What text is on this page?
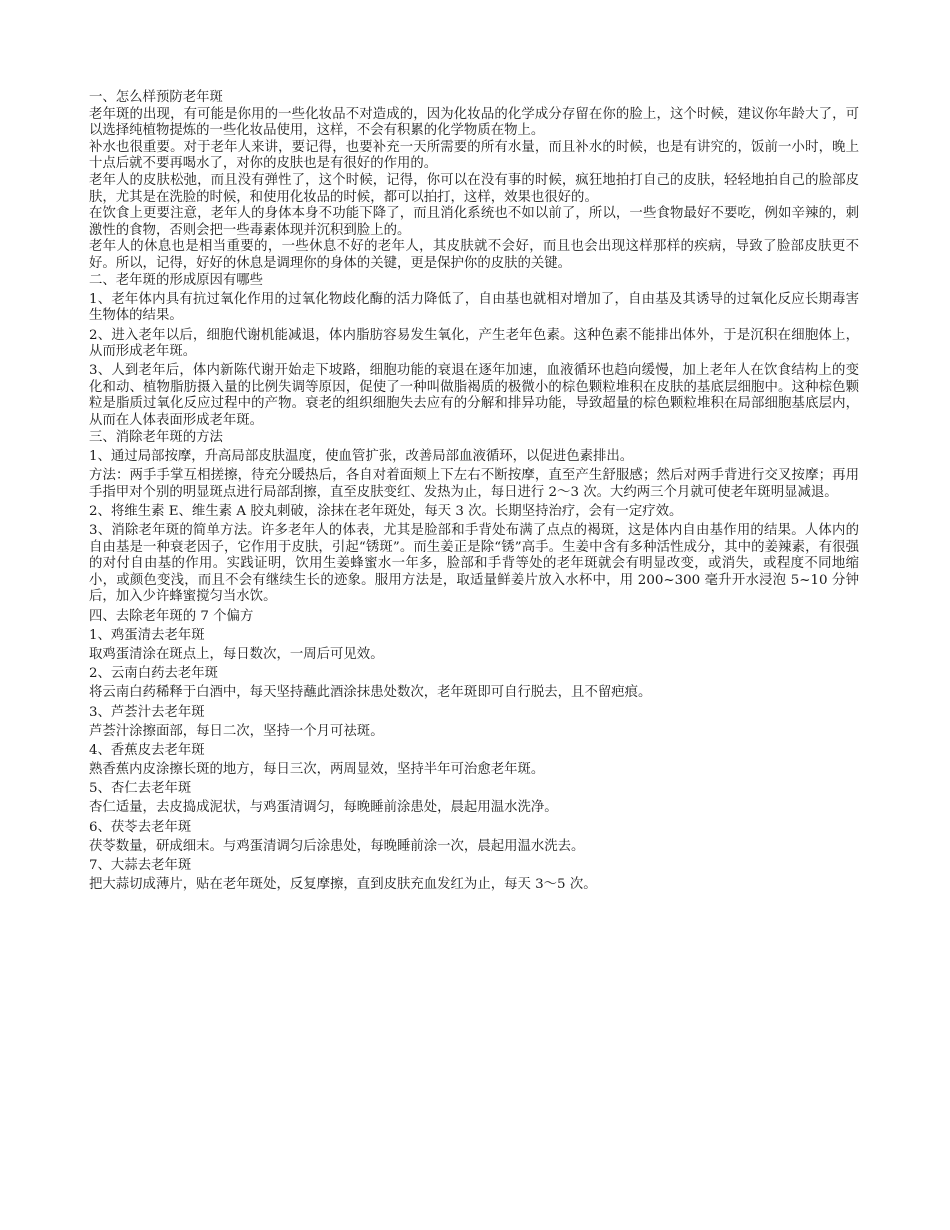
一、怎么样预防老年斑

老年斑的出现，有可能是你用的一些化妆品不对造成的，因为化妆品的化学成分存留在你的脸上，这个时候，建议你年龄大了，可以选择纯植物提炼的一些化妆品使用，这样，不会有积累的化学物质在物上。

补水也很重要。对于老年人来讲，要记得，也要补充一天所需要的所有水量，而且补水的时候，也是有讲究的，饭前一小时，晚上十点后就不要再喝水了，对你的皮肤也是有很好的作用的。

老年人的皮肤松弛，而且没有弹性了，这个时候，记得，你可以在没有事的时候，疯狂地拍打自己的皮肤，轻轻地拍自己的脸部皮肤，尤其是在洗脸的时候，和使用化妆品的时候，都可以拍打，这样，效果也很好的。

在饮食上更要注意，老年人的身体本身不功能下降了，而且消化系统也不如以前了，所以，一些食物最好不要吃，例如辛辣的，刺激性的食物，否则会把一些毒素体现并沉积到脸上的。

老年人的休息也是相当重要的，一些休息不好的老年人，其皮肤就不会好，而且也会出现这样那样的疾病，导致了脸部皮肤更不好。所以，记得，好好的休息是调理你的身体的关键，更是保护你的皮肤的关键。

二、老年斑的形成原因有哪些

1、老年体内具有抗过氧化作用的过氧化物歧化酶的活力降低了，自由基也就相对增加了，自由基及其诱导的过氧化反应长期毒害生物体的结果。

2、进入老年以后，细胞代谢机能减退，体内脂肪容易发生氧化，产生老年色素。这种色素不能排出体外，于是沉积在细胞体上，从而形成老年斑。

3、人到老年后，体内新陈代谢开始走下坡路，细胞功能的衰退在逐年加速，血液循环也趋向缓慢，加上老年人在饮食结构上的变化和动、植物脂肪摄入量的比例失调等原因，促使了一种叫做脂褐质的极微小的棕色颗粒堆积在皮肤的基底层细胞中。这种棕色颗粒是脂质过氧化反应过程中的产物。衰老的组织细胞失去应有的分解和排异功能，导致超量的棕色颗粒堆积在局部细胞基底层内，从而在人体表面形成老年斑。

三、消除老年斑的方法

1、通过局部按摩，升高局部皮肤温度，使血管扩张，改善局部血液循环，以促进色素排出。

方法：两手手掌互相搓擦，待充分暖热后，各自对着面颊上下左右不断按摩，直至产生舒服感；然后对两手背进行交叉按摩；再用手指甲对个别的明显斑点进行局部刮擦，直至皮肤变红、发热为止，每日进行 2～3 次。大约两三个月就可使老年斑明显减退。

2、将维生素 E、维生素 A 胶丸刺破，涂抹在老年斑处，每天 3 次。长期坚持治疗，会有一定疗效。

3、消除老年斑的简单方法。许多老年人的体表，尤其是脸部和手背处布满了点点的褐斑，这是体内自由基作用的结果。人体内的自由基是一种衰老因子，它作用于皮肤，引起“锈斑”。而生姜正是除“锈”高手。生姜中含有多种活性成分，其中的姜辣素，有很强的对付自由基的作用。实践证明，饮用生姜蜂蜜水一年多，脸部和手背等处的老年斑就会有明显改变，或消失，或程度不同地缩小，或颜色变浅，而且不会有继续生长的迹象。服用方法是，取适量鲜姜片放入水杯中，用 200~300 毫升开水浸泡 5~10 分钟后，加入少许蜂蜜搅匀当水饮。

四、去除老年斑的 7 个偏方

1、鸡蛋清去老年斑

取鸡蛋清涂在斑点上，每日数次，一周后可见效。

2、云南白药去老年斑

将云南白药稀释于白酒中，每天坚持蘸此酒涂抹患处数次，老年斑即可自行脱去，且不留疤痕。

3、芦荟汁去老年斑

芦荟汁涂擦面部，每日二次，坚持一个月可祛斑。

4、香蕉皮去老年斑

熟香蕉内皮涂擦长斑的地方，每日三次，两周显效，坚持半年可治愈老年斑。

5、杏仁去老年斑

杏仁适量，去皮捣成泥状，与鸡蛋清调匀，每晚睡前涂患处，晨起用温水洗净。

6、茯苓去老年斑

茯苓数量，研成细末。与鸡蛋清调匀后涂患处，每晚睡前涂一次，晨起用温水洗去。

7、大蒜去老年斑

把大蒜切成薄片，贴在老年斑处，反复摩擦，直到皮肤充血发红为止，每天 3～5 次。
